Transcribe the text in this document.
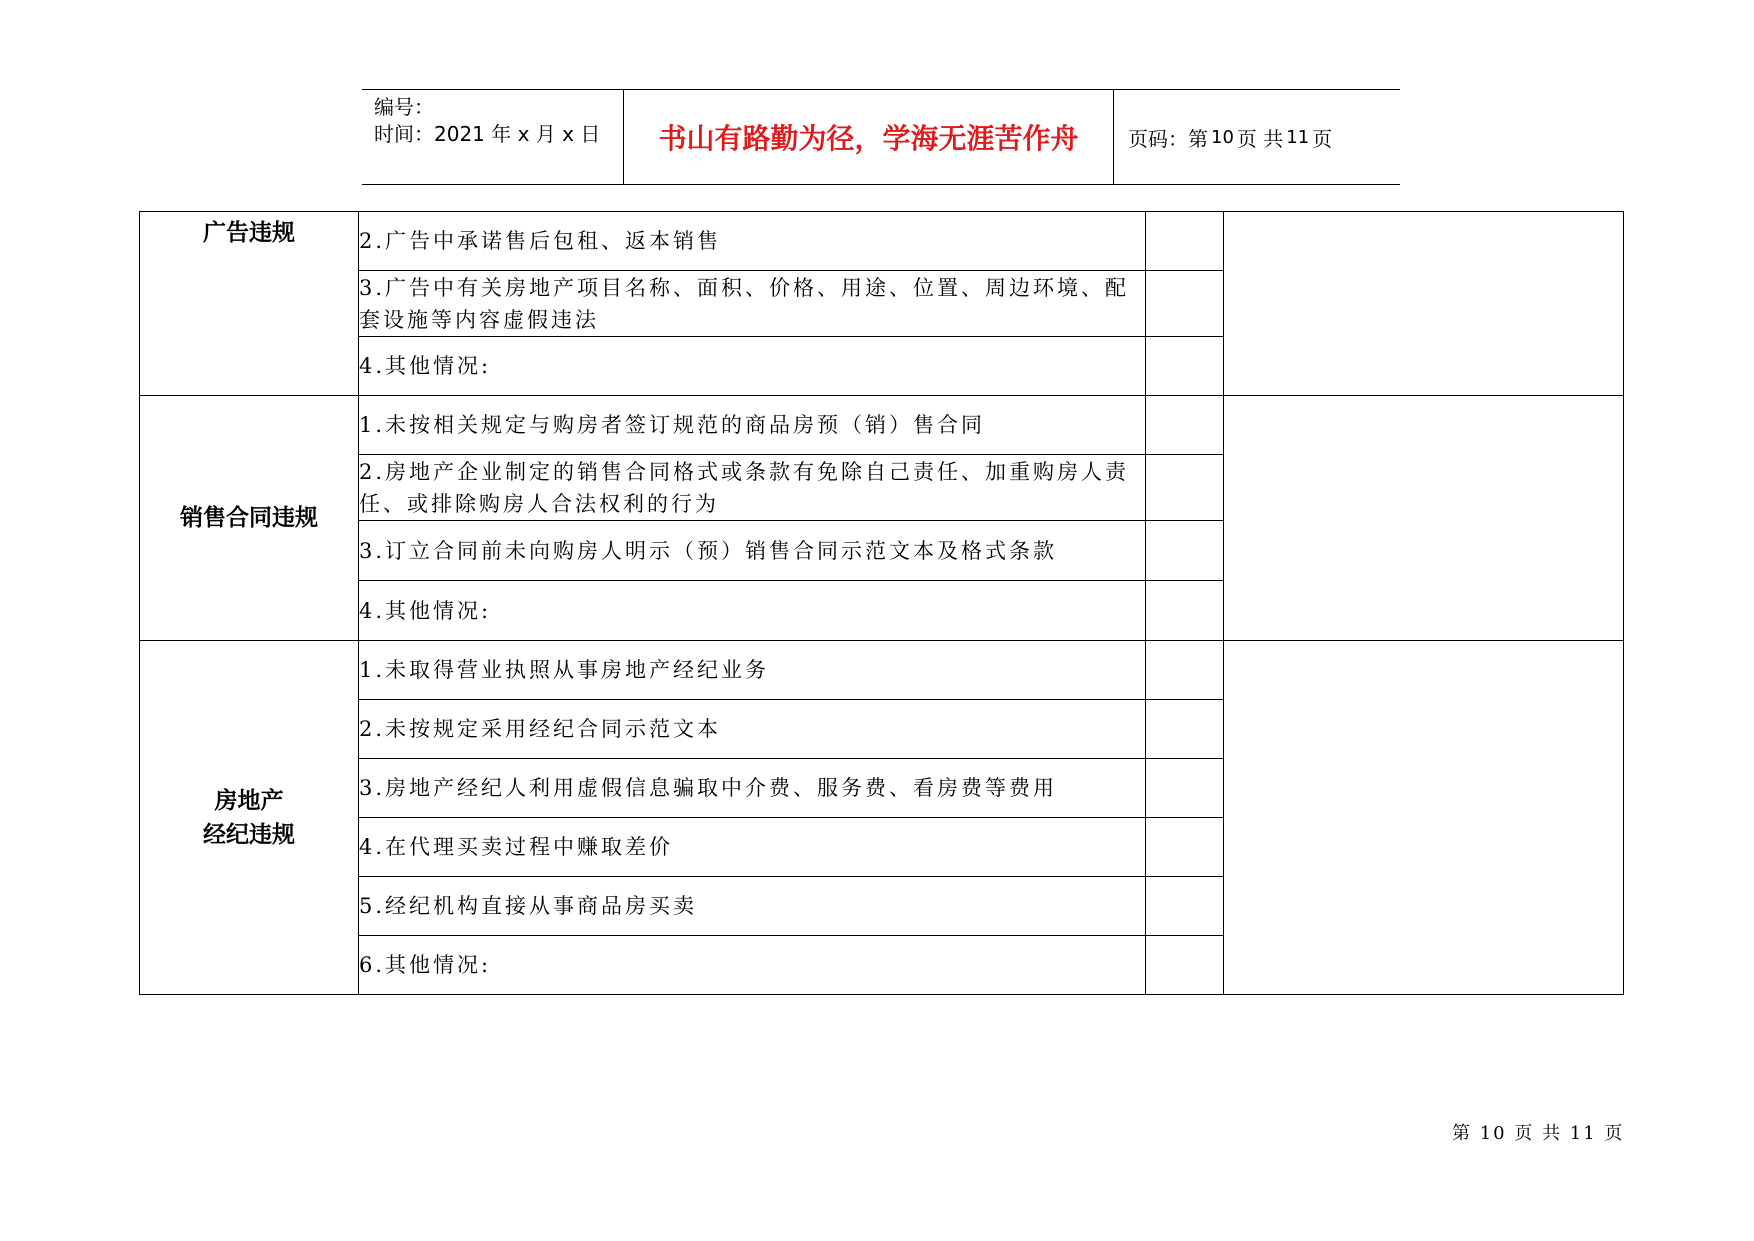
编号：
时间：2021 年 x 月 x 日	书山有路勤为径，学海无涯苦作舟	页码：第 10 页 共 11 页
广告违规	2.广告中承诺售后包租、返本销售		
	3.广告中有关房地产项目名称、面积、价格、用途、位置、周边环境、配套设施等内容虚假违法		
	4.其他情况:		
销售合同违规	1.未按相关规定与购房者签订规范的商品房预（销）售合同		
	2.房地产企业制定的销售合同格式或条款有免除自己责任、加重购房人责任、或排除购房人合法权利的行为		
	3.订立合同前未向购房人明示（预）销售合同示范文本及格式条款		
	4.其他情况:		

房地产
经纪违规	1.未取得营业执照从事房地产经纪业务		
	2.未按规定采用经纪合同示范文本		
	3.房地产经纪人利用虚假信息骗取中介费、服务费、看房费等费用		
	4.在代理买卖过程中赚取差价		
	5.经纪机构直接从事商品房买卖		
	6.其他情况:		
第 10 页 共 11 页
